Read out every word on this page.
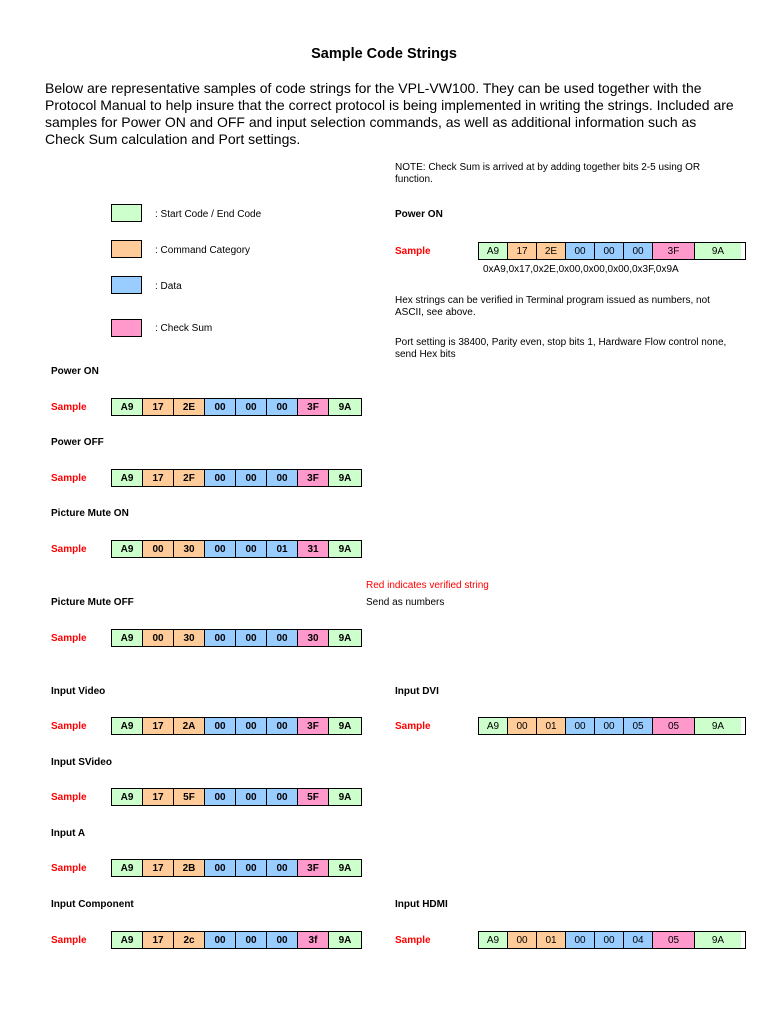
Sample Code Strings
Below are representative samples of code strings for the VPL-VW100. They can be used together with the Protocol Manual to help insure that the correct protocol is being implemented in writing the strings. Included are samples for Power ON and OFF and input selection commands, as well as additional information such as Check Sum calculation and Port settings.
: Start Code / End Code
: Command Category
: Data
: Check Sum
NOTE: Check Sum is arrived at by adding together bits 2-5 using OR function.
Power ON
Sample	A9	17	2E	00	00	00	3F	9A
0xA9,0x17,0x2E,0x00,0x00,0x00,0x3F,0x9A
Hex strings can be verified in Terminal program issued as numbers, not ASCII, see above.
Port setting is 38400, Parity even, stop bits 1, Hardware Flow control none, send Hex bits
Power ON
Sample	A9	17	2E	00	00	00	3F	9A
Power OFF
Sample	A9	17	2F	00	00	00	3F	9A
Picture Mute ON
Sample	A9	00	30	00	00	01	31	9A
Red indicates verified string
Send as numbers
Picture Mute OFF
Sample	A9	00	30	00	00	00	30	9A
Input Video
Sample	A9	17	2A	00	00	00	3F	9A
Input DVI
Sample	A9	00	01	00	00	05	05	9A
Input SVideo
Sample	A9	17	5F	00	00	00	5F	9A
Input A
Sample	A9	17	2B	00	00	00	3F	9A
Input Component
Sample	A9	17	2c	00	00	00	3f	9A
Input HDMI
Sample	A9	00	01	00	00	04	05	9A
